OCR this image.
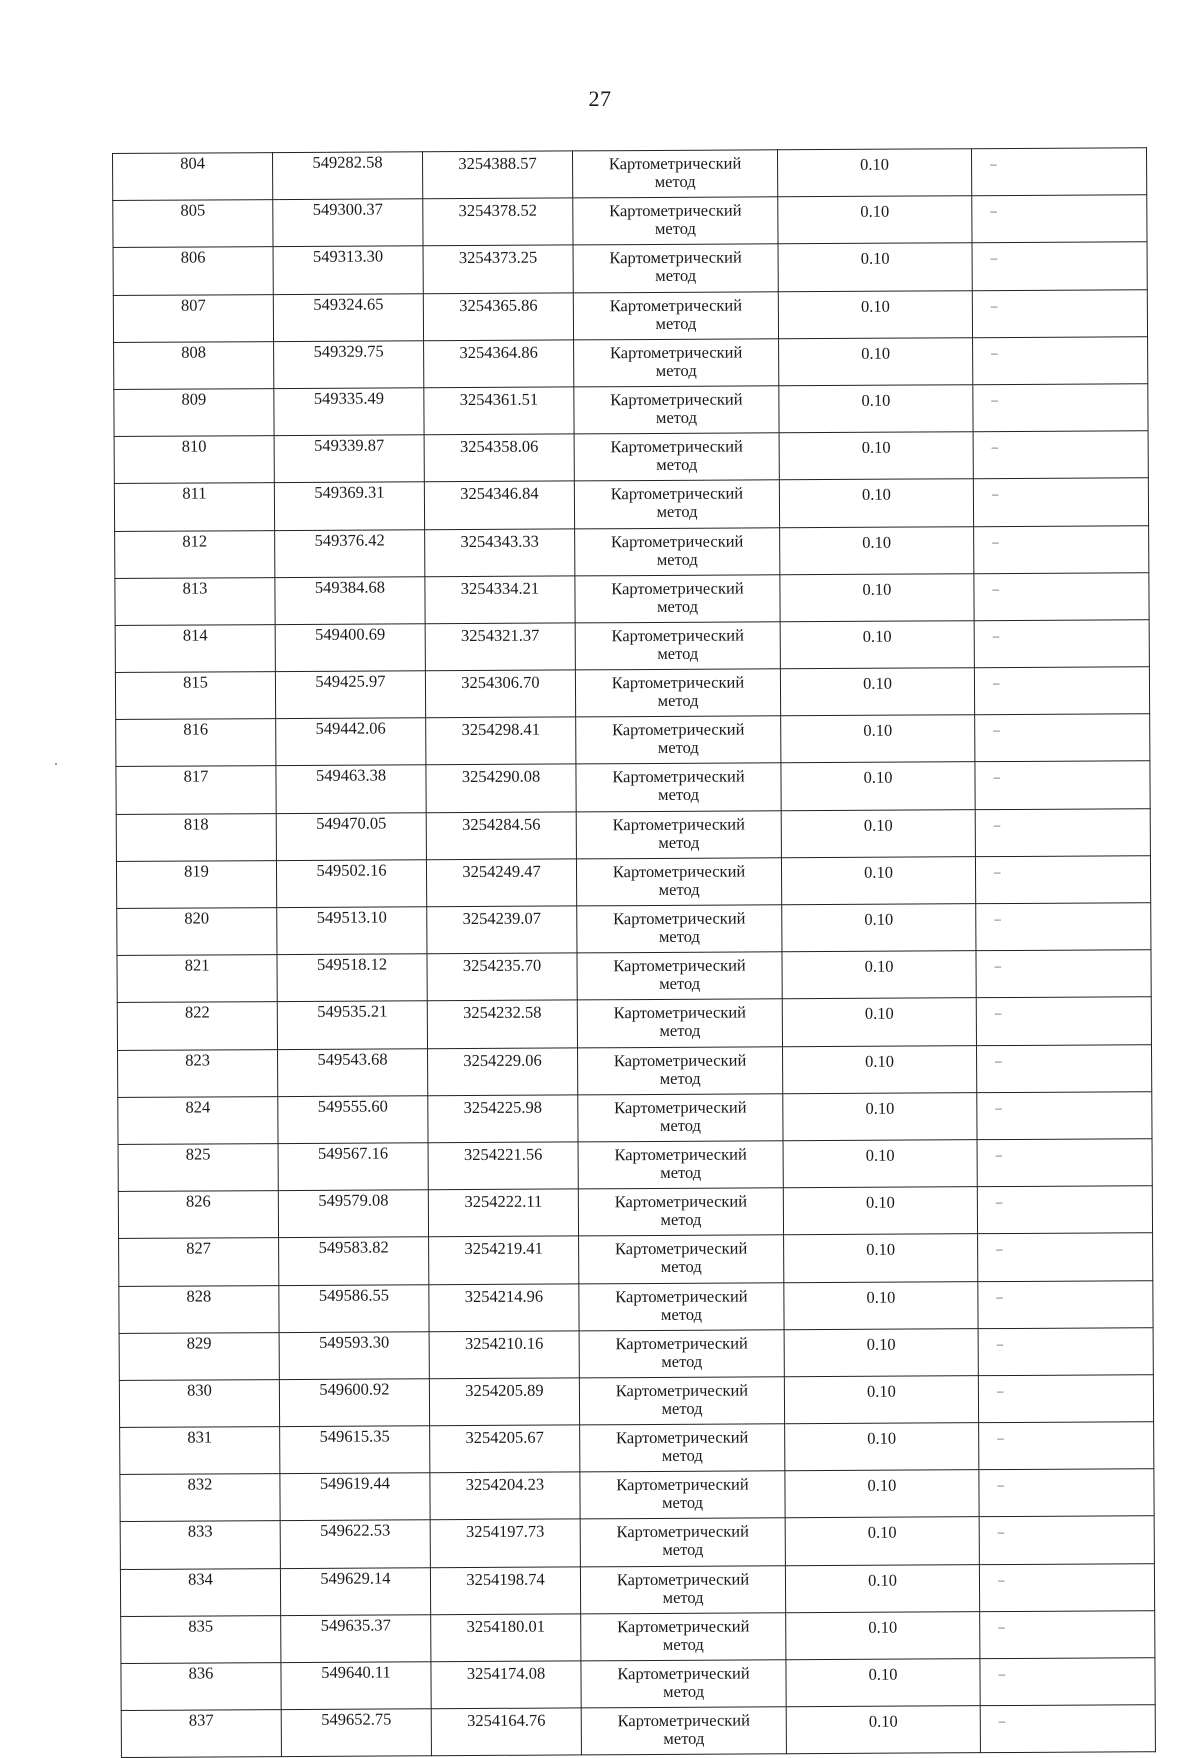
27
804	549282.58	3254388.57	Картометрический
метод	0.10	–
805	549300.37	3254378.52	Картометрический
метод	0.10	–
806	549313.30	3254373.25	Картометрический
метод	0.10	–
807	549324.65	3254365.86	Картометрический
метод	0.10	–
808	549329.75	3254364.86	Картометрический
метод	0.10	–
809	549335.49	3254361.51	Картометрический
метод	0.10	–
810	549339.87	3254358.06	Картометрический
метод	0.10	–
811	549369.31	3254346.84	Картометрический
метод	0.10	–
812	549376.42	3254343.33	Картометрический
метод	0.10	–
813	549384.68	3254334.21	Картометрический
метод	0.10	–
814	549400.69	3254321.37	Картометрический
метод	0.10	–
815	549425.97	3254306.70	Картометрический
метод	0.10	–
816	549442.06	3254298.41	Картометрический
метод	0.10	–
817	549463.38	3254290.08	Картометрический
метод	0.10	–
818	549470.05	3254284.56	Картометрический
метод	0.10	–
819	549502.16	3254249.47	Картометрический
метод	0.10	–
820	549513.10	3254239.07	Картометрический
метод	0.10	–
821	549518.12	3254235.70	Картометрический
метод	0.10	–
822	549535.21	3254232.58	Картометрический
метод	0.10	–
823	549543.68	3254229.06	Картометрический
метод	0.10	–
824	549555.60	3254225.98	Картометрический
метод	0.10	–
825	549567.16	3254221.56	Картометрический
метод	0.10	–
826	549579.08	3254222.11	Картометрический
метод	0.10	–
827	549583.82	3254219.41	Картометрический
метод	0.10	–
828	549586.55	3254214.96	Картометрический
метод	0.10	–
829	549593.30	3254210.16	Картометрический
метод	0.10	–
830	549600.92	3254205.89	Картометрический
метод	0.10	–
831	549615.35	3254205.67	Картометрический
метод	0.10	–
832	549619.44	3254204.23	Картометрический
метод	0.10	–
833	549622.53	3254197.73	Картометрический
метод	0.10	–
834	549629.14	3254198.74	Картометрический
метод	0.10	–
835	549635.37	3254180.01	Картометрический
метод	0.10	–
836	549640.11	3254174.08	Картометрический
метод	0.10	–
837	549652.75	3254164.76	Картометрический
метод	0.10	–
